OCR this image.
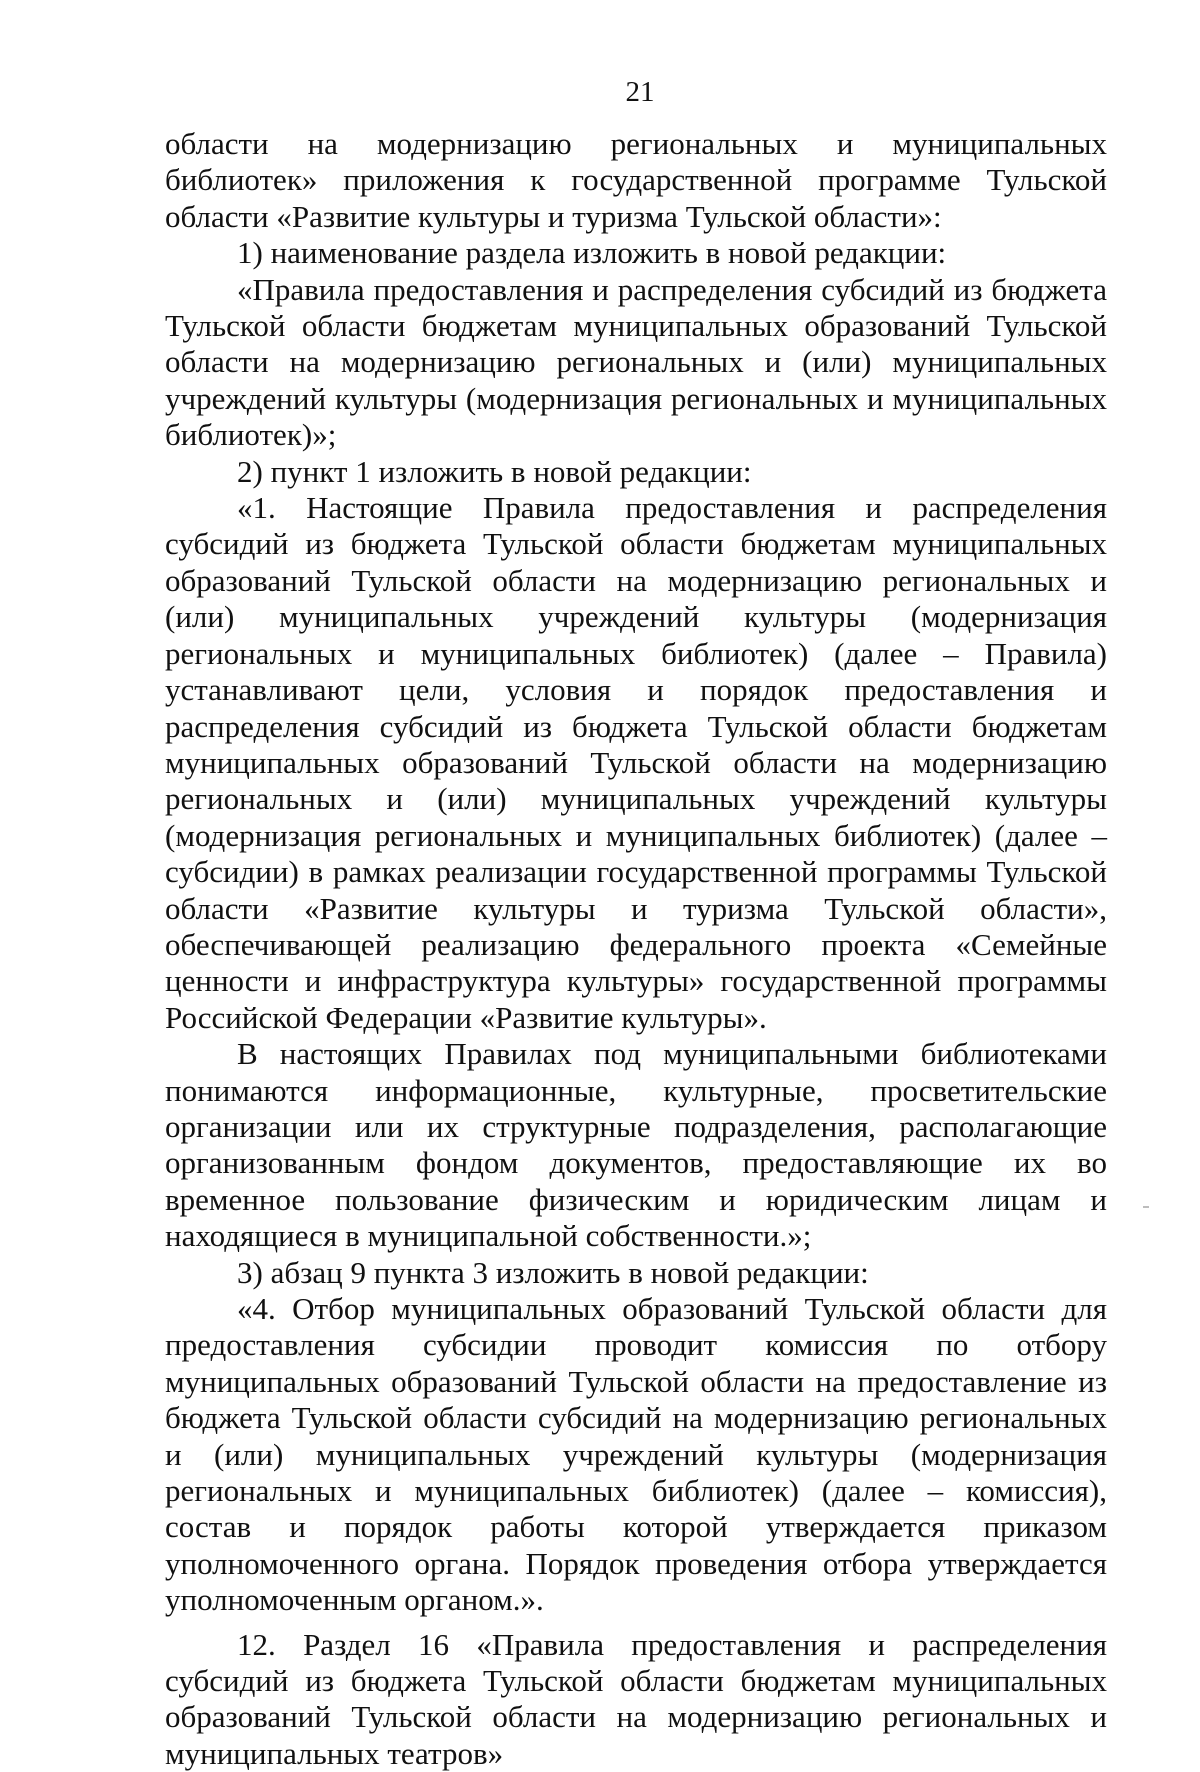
21

области на модернизацию региональных и муниципальных библиотек» приложения к государственной программе Тульской области «Развитие культуры и туризма Тульской области»:

1) наименование раздела изложить в новой редакции:

«Правила предоставления и распределения субсидий из бюджета Тульской области бюджетам муниципальных образований Тульской области на модернизацию региональных и (или) муниципальных учреждений культуры (модернизация региональных и муниципальных библиотек)»;

2) пункт 1 изложить в новой редакции:

«1. Настоящие Правила предоставления и распределения субсидий из бюджета Тульской области бюджетам муниципальных образований Тульской области на модернизацию региональных и (или) муниципальных учреждений культуры (модернизация региональных и муниципальных библиотек) (далее – Правила) устанавливают цели, условия и порядок предоставления и распределения субсидий из бюджета Тульской области бюджетам муниципальных образований Тульской области на модернизацию региональных и (или) муниципальных учреждений культуры (модернизация региональных и муниципальных библиотек) (далее – субсидии) в рамках реализации государственной программы Тульской области «Развитие культуры и туризма Тульской области», обеспечивающей реализацию федерального проекта «Семейные ценности и инфраструктура культуры» государственной программы Российской Федерации «Развитие культуры».

В настоящих Правилах под муниципальными библиотеками понимаются информационные, культурные, просветительские организации или их структурные подразделения, располагающие организованным фондом документов, предоставляющие их во временное пользование физическим и юридическим лицам и находящиеся в муниципальной собственности.»;

3) абзац 9 пункта 3 изложить в новой редакции:

«4. Отбор муниципальных образований Тульской области для предоставления субсидии проводит комиссия по отбору муниципальных образований Тульской области на предоставление из бюджета Тульской области субсидий на модернизацию региональных и (или) муниципальных учреждений культуры (модернизация региональных и муниципальных библиотек) (далее – комиссия), состав и порядок работы которой утверждается приказом уполномоченного органа. Порядок проведения отбора утверждается уполномоченным органом.».

12. Раздел 16 «Правила предоставления и распределения субсидий из бюджета Тульской области бюджетам муниципальных образований Тульской области на модернизацию региональных и муниципальных театров»
